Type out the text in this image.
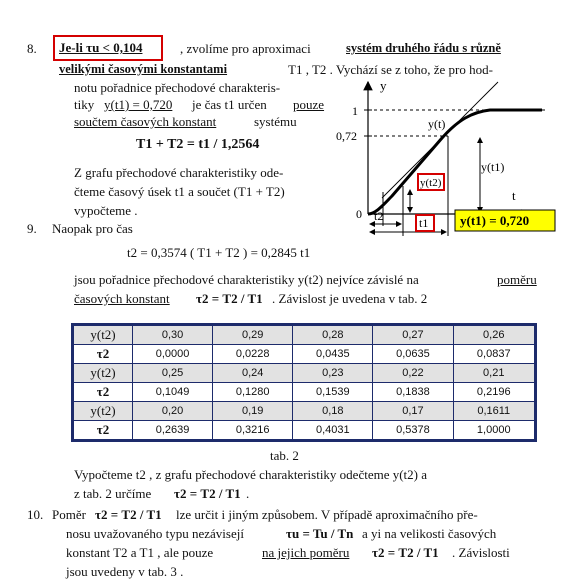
8. Je-li τu < 0,104	, zvolíme pro aproximaci	systém druhého řádu s různě
velikými časovými konstantami	T1 , T2 . Vychází se z toho, že pro hod-
notu pořadnice přechodové charakteris-
tiky y(t1) = 0,720 je čas t1 určen pouze
součtem časových konstant	systému
T1 + T2 = t1 / 1,2564
Z grafu přechodové charakteristiky ode-
čteme časový úsek t1 a součet (T1 + T2)
vypočteme .
y
t
1
0,72
0
y(t1)
y(t2)
y(t)
t2	t1 y(t1) = 0,720
9. Naopak pro čas
t2 = 0,3574 ( T1 + T2 ) = 0,2845 t1
jsou pořadnice přechodové charakteristiky y(t2) nejvíce závislé na	poměru
časových konstant τ2 = T2 / T1 . Závislost je uvedena v tab. 2
y(t2)	0,30	0,29	0,28	0,27	0,26
τ2	0,0000	0,0228	0,0435	0,0635	0,0837
y(t2)	0,25	0,24	0,23	0,22	0,21
τ2	0,1049	0,1280	0,1539	0,1838	0,2196
y(t2)	0,20	0,19	0,18	0,17	0,1611
τ2	0,2639	0,3216	0,4031	0,5378	1,0000
tab. 2
Vypočteme t2 , z grafu přechodové charakteristiky odečteme y(t2) a
z tab. 2 určíme τ2 = T2 / T1 .
10. Poměr τ2 = T2 / T1 lze určit i jiným způsobem. V případě aproximačního pře-
nosu uvažovaného typu nezávisejí	τu = Tu / Tn a yi na velikosti časových
konstant T2 a T1 , ale pouze	na jejich poměru τ2 = T2 / T1 . Závislosti
jsou uvedeny v tab. 3 .
